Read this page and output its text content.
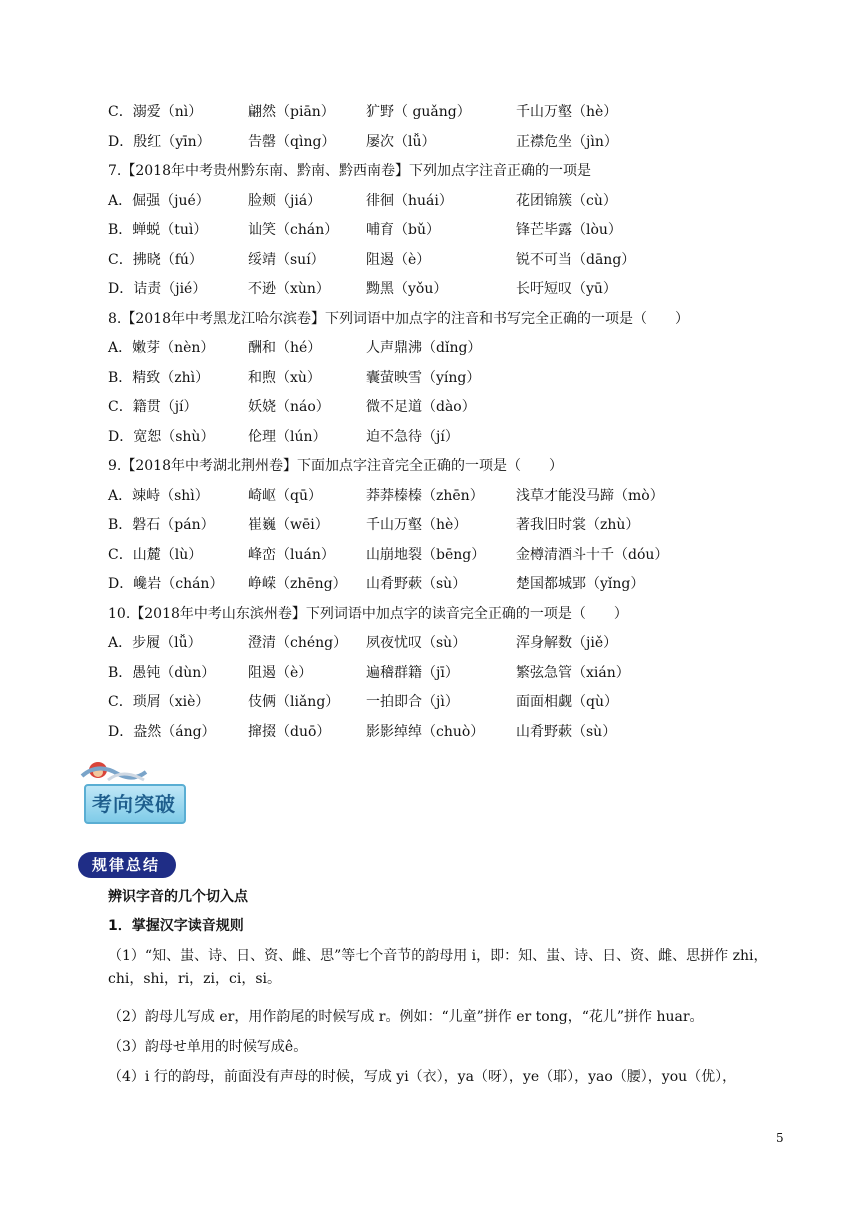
C．溺爱（nì）	翩然（piān） 犷野（ guǎng）	千山万壑（hè）
D．殷红（yīn）	告罄（qìng） 屡次（lǚ）	正襟危坐（jìn）
7.【2018年中考贵州黔东南、黔南、黔西南卷】下列加点字注音正确的一项是
A．倔强（jué）	脸颊（jiá）	徘徊（huái）	花团锦簇（cù）
B．蝉蜕（tuì）	讪笑（chán） 哺育（bǔ）	锋芒毕露（lòu）
C．拂晓（fú）	绥靖（suí）	阻遏（è）	锐不可当（dāng）
D．诘责（jié）	不逊（xùn）	黝黑（yǒu）	长吁短叹（yū）
8.【2018年中考黑龙江哈尔滨卷】下列词语中加点字的注音和书写完全正确的一项是（　　）
A．嫩芽（nèn） 酬和（hé）	人声鼎沸（dǐng）
B．精致（zhì）	和煦（xù）	囊萤映雪（yíng）
C．籍贯（jí）	妖娆（náo）	微不足道（dào）
D．宽恕（shù） 伦理（lún）	迫不急待（jí）
9.【2018年中考湖北荆州卷】下面加点字注音完全正确的一项是（　　）
A．竦峙（shì）	崎岖（qū）	莽莽榛榛（zhēn） 浅草才能没马蹄（mò）
B．磐石（pán） 崔巍（wēi）	千山万壑（hè）	著我旧时裳（zhù）
C．山麓（lù）	峰峦（luán） 山崩地裂（bēng） 金樽清酒斗十千（dóu）
D．巉岩（chán） 峥嵘（zhēng） 山肴野蔌（sù）	楚国都城郢（yǐng）
10.【2018年中考山东滨州卷】下列词语中加点字的读音完全正确的一项是（　　）
A．步履（lǚ）	澄清（chéng） 夙夜忧叹（sù）	浑身解数（jiě）
B．愚钝（dùn） 阻遏（è）	遍稽群籍（jī）	繁弦急管（xián）
C．琐屑（xiè）	伎俩（liǎng） 一拍即合（jì）	面面相觑（qù）
D．盎然（áng） 撺掇（duō）	影影绰绰（chuò） 山肴野蔌（sù）
考向突破
规律总结
辨识字音的几个切入点
1．掌握汉字读音规则
（1）“知、蚩、诗、日、资、雌、思”等七个音节的韵母用 i，即：知、蚩、诗、日、资、雌、思拼作 zhi，chi，shi，ri，zi，ci，si。
（2）韵母儿写成 er，用作韵尾的时候写成 r。例如：“儿童”拼作 er tong，“花儿”拼作 huar。
（3）韵母せ单用的时候写成ê。
（4）i 行的韵母，前面没有声母的时候，写成 yi（衣），ya（呀），ye（耶），yao（腰），you（优），
5
